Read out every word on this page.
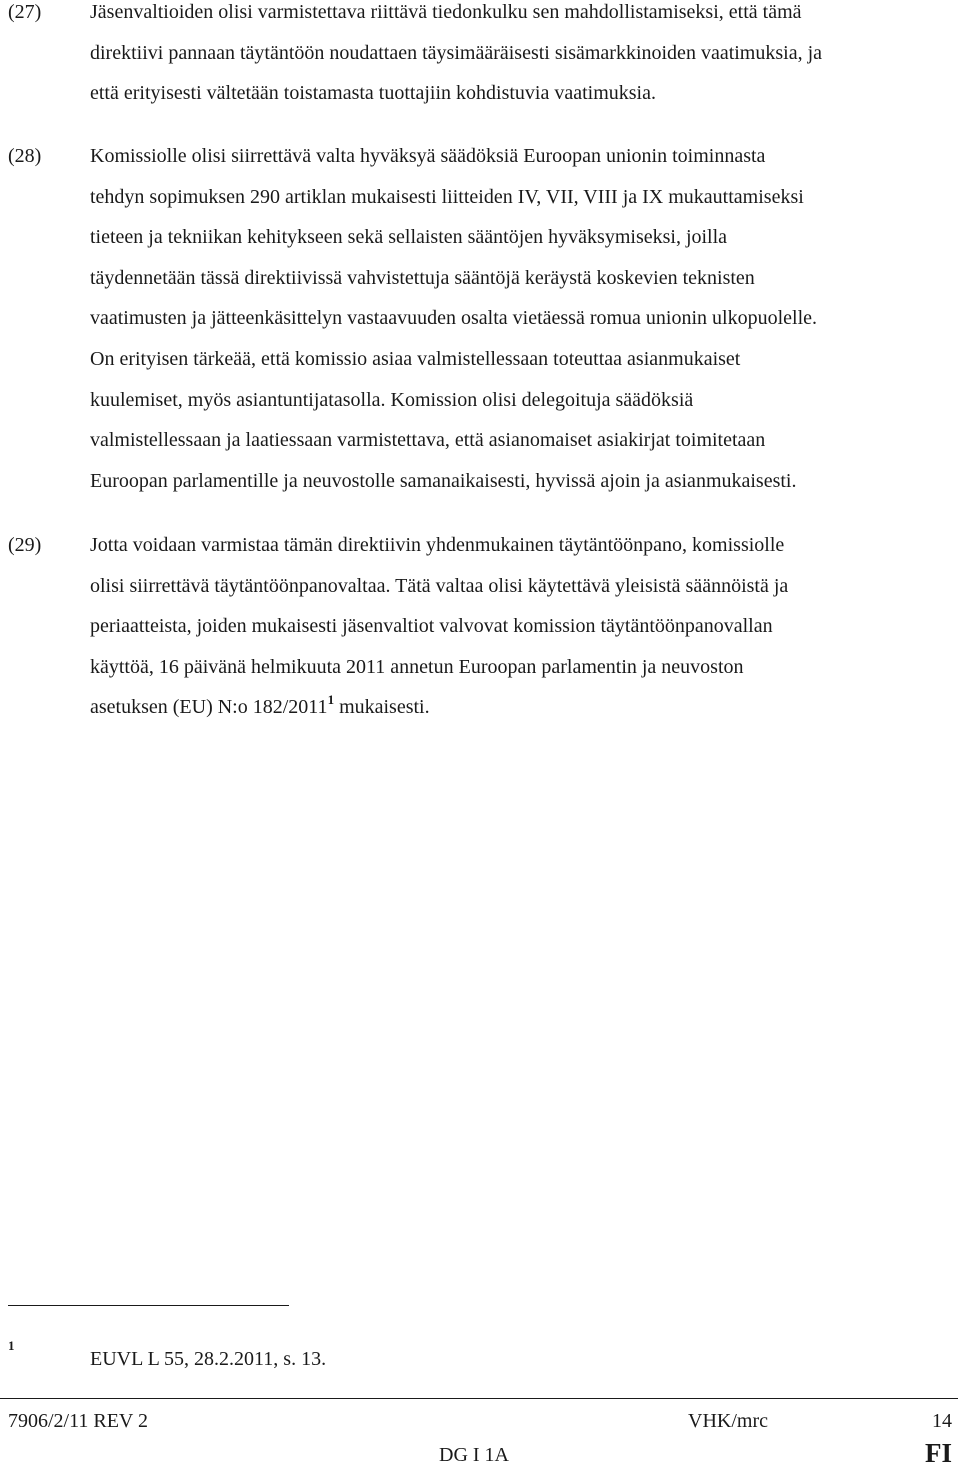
(27) Jäsenvaltioiden olisi varmistettava riittävä tiedonkulku sen mahdollistamiseksi, että tämä
direktiivi pannaan täytäntöön noudattaen täysimääräisesti sisämarkkinoiden vaatimuksia, ja
että erityisesti vältetään toistamasta tuottajiin kohdistuvia vaatimuksia.
(28) Komissiolle olisi siirrettävä valta hyväksyä säädöksiä Euroopan unionin toiminnasta
tehdyn sopimuksen 290 artiklan mukaisesti liitteiden IV, VII, VIII ja IX mukauttamiseksi
tieteen ja tekniikan kehitykseen sekä sellaisten sääntöjen hyväksymiseksi, joilla
täydennetään tässä direktiivissä vahvistettuja sääntöjä keräystä koskevien teknisten
vaatimusten ja jätteenkäsittelyn vastaavuuden osalta vietäessä romua unionin ulkopuolelle.
On erityisen tärkeää, että komissio asiaa valmistellessaan toteuttaa asianmukaiset
kuulemiset, myös asiantuntijatasolla. Komission olisi delegoituja säädöksiä
valmistellessaan ja laatiessaan varmistettava, että asianomaiset asiakirjat toimitetaan
Euroopan parlamentille ja neuvostolle samanaikaisesti, hyvissä ajoin ja asianmukaisesti.
(29) Jotta voidaan varmistaa tämän direktiivin yhdenmukainen täytäntöönpano, komissiolle
olisi siirrettävä täytäntöönpanovaltaa. Tätä valtaa olisi käytettävä yleisistä säännöistä ja
periaatteista, joiden mukaisesti jäsenvaltiot valvovat komission täytäntöönpanovallan
käyttöä, 16 päivänä helmikuuta 2011 annetun Euroopan parlamentin ja neuvoston
asetuksen (EU) N:o 182/2011$^1$ mukaisesti.
1
EUVL L 55, 28.2.2011, s. 13.
7906/2/11 REV 2	VHK/mrc	14
DG I 1A	FI
